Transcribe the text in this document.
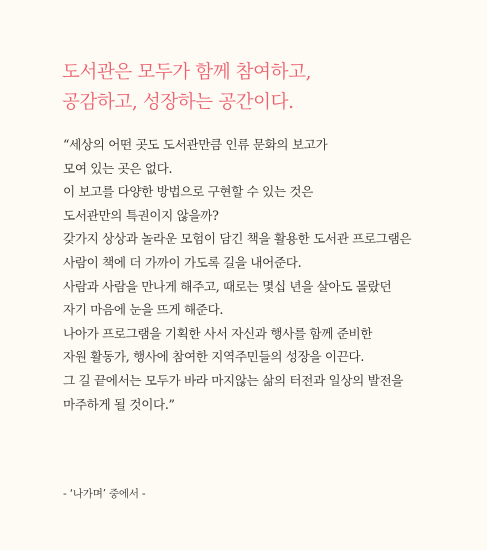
도서관은 모두가 함께 참여하고,
공감하고, 성장하는 공간이다.
“세상의 어떤 곳도 도서관만큼 인류 문화의 보고가
모여 있는 곳은 없다.
이 보고를 다양한 방법으로 구현할 수 있는 것은
도서관만의 특권이지 않을까?
갖가지 상상과 놀라운 모험이 담긴 책을 활용한 도서관 프로그램은
사람이 책에 더 가까이 가도록 길을 내어준다.
사람과 사람을 만나게 해주고, 때로는 몇십 년을 살아도 몰랐던
자기 마음에 눈을 뜨게 해준다.
나아가 프로그램을 기획한 사서 자신과 행사를 함께 준비한
자원 활동가, 행사에 참여한 지역주민들의 성장을 이끈다.
그 길 끝에서는 모두가 바라 마지않는 삶의 터전과 일상의 발전을
마주하게 될 것이다.”

- ‘나가며’ 중에서 -
